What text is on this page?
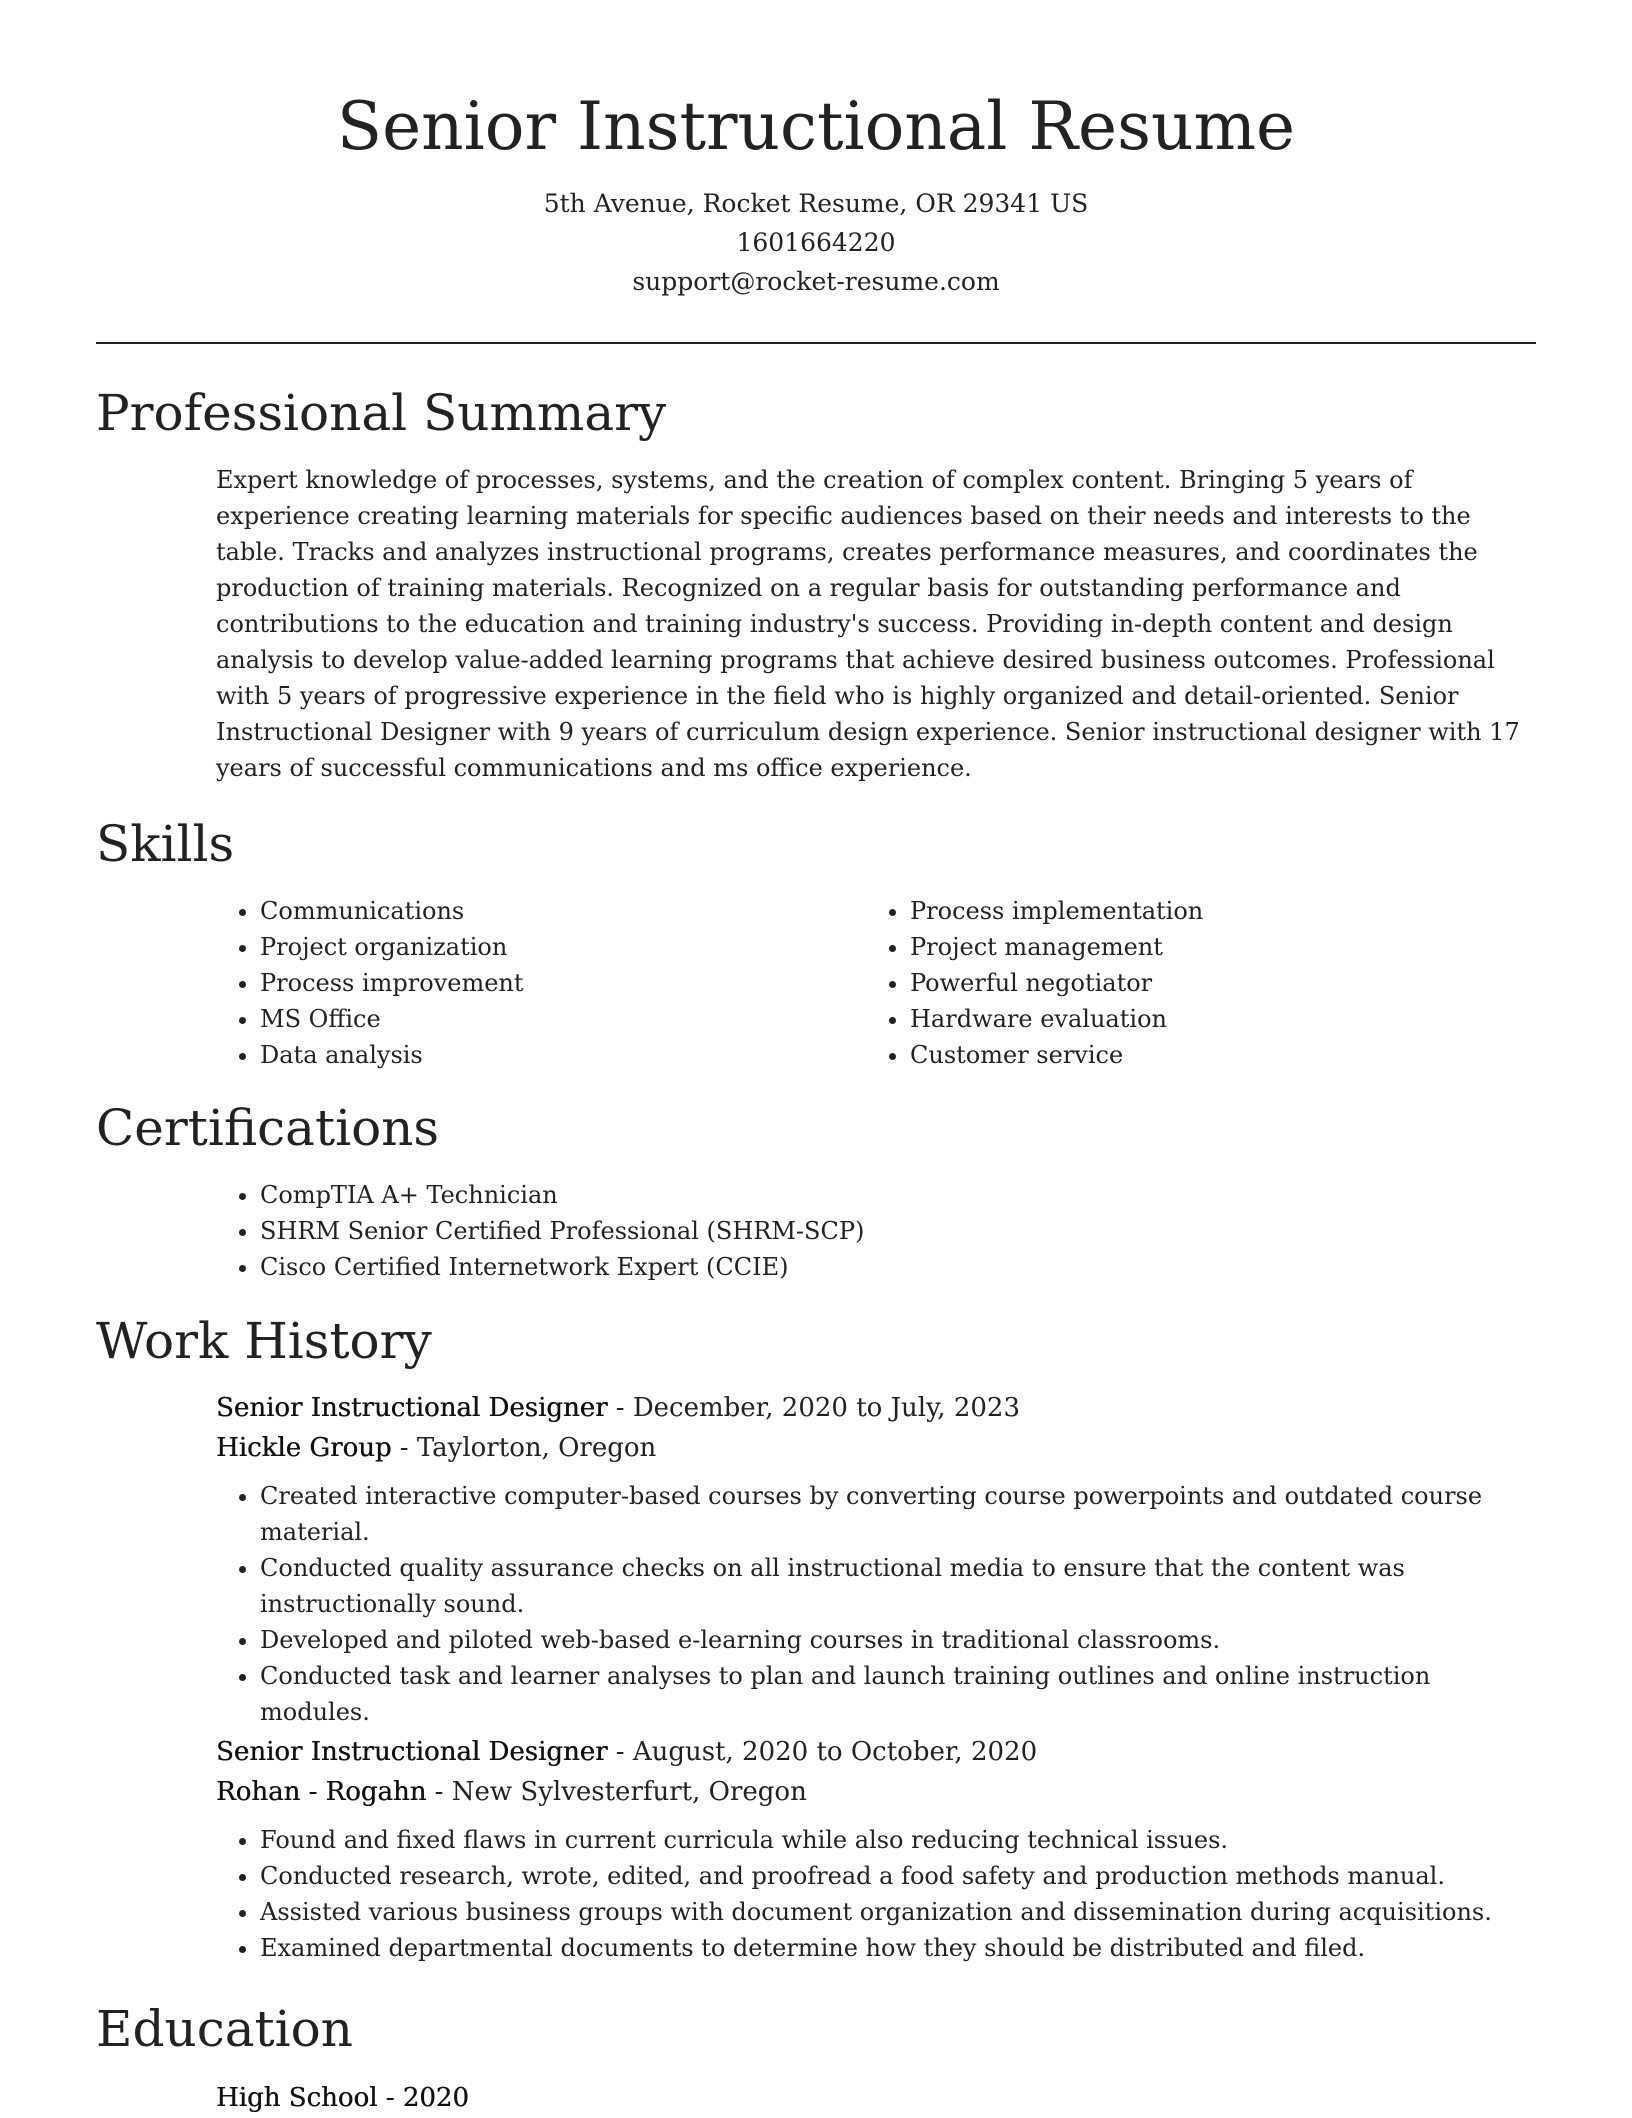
Senior Instructional Resume

5th Avenue, Rocket Resume, OR 29341 US

1601664220

support@rocket-resume.com

Professional Summary

Expert knowledge of processes, systems, and the creation of complex content. Bringing 5 years of experience creating learning materials for specific audiences based on their needs and interests to the table. Tracks and analyzes instructional programs, creates performance measures, and coordinates the production of training materials. Recognized on a regular basis for outstanding performance and contributions to the education and training industry's success. Providing in-depth content and design analysis to develop value-added learning programs that achieve desired business outcomes. Professional with 5 years of progressive experience in the field who is highly organized and detail-oriented. Senior Instructional Designer with 9 years of curriculum design experience. Senior instructional designer with 17 years of successful communications and ms office experience.

Skills
• Communications
• Project organization
• Process improvement
• MS Office
• Data analysis
• Process implementation
• Project management
• Powerful negotiator
• Hardware evaluation
• Customer service
Certifications
• CompTIA A+ Technician
• SHRM Senior Certified Professional (SHRM-SCP)
• Cisco Certified Internetwork Expert (CCIE)
Work History

Senior Instructional Designer - December, 2020 to July, 2023

Hickle Group - Taylorton, Oregon

• Created interactive computer-based courses by converting course powerpoints and outdated course material.
• Conducted quality assurance checks on all instructional media to ensure that the content was instructionally sound.
• Developed and piloted web-based e-learning courses in traditional classrooms.
• Conducted task and learner analyses to plan and launch training outlines and online instruction modules.

Senior Instructional Designer - August, 2020 to October, 2020

Rohan - Rogahn - New Sylvesterfurt, Oregon

• Found and fixed flaws in current curricula while also reducing technical issues.
• Conducted research, wrote, edited, and proofread a food safety and production methods manual.
• Assisted various business groups with document organization and dissemination during acquisitions.
• Examined departmental documents to determine how they should be distributed and filed.
Education

High School - 2020
